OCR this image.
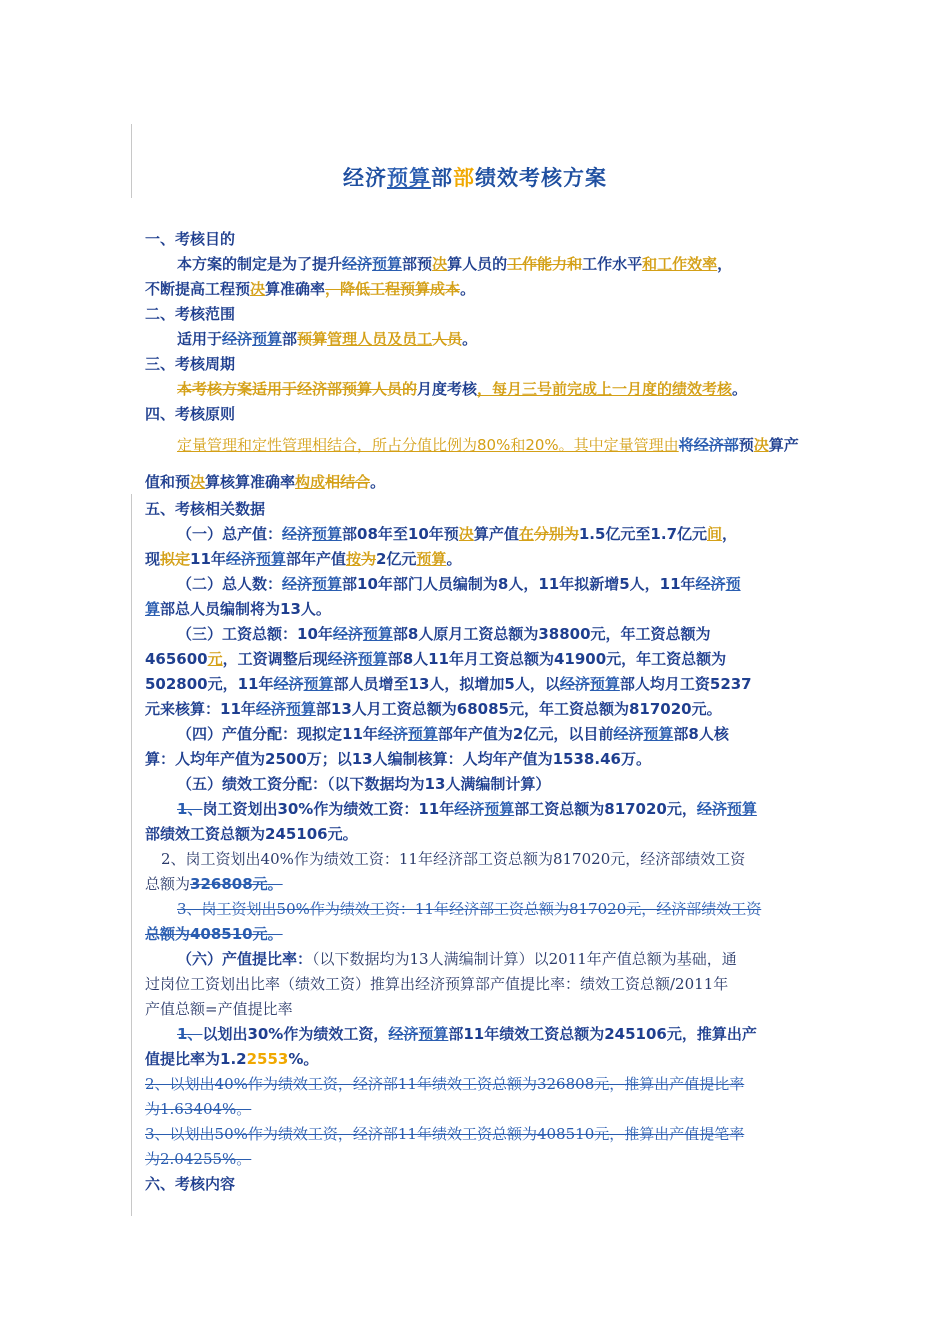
经济预算部部绩效考核方案

一、考核目的

本方案的制定是为了提升经济预算部预决算人员的工作能力和工作水平和工作效率，

不断提高工程预决算准确率，降低工程预算成本。

二、考核范围

适用于经济预算部预算管理人员及员工人员。

三、考核周期

本考核方案适用于经济部预算人员的月度考核，每月三号前完成上一月度的绩效考核。

四、考核原则

定量管理和定性管理相结合，所占分值比例为80%和20%。其中定量管理由将经济部预决算产值和预决算核算准确率构成相结合。

五、考核相关数据

（一）总产值：经济预算部08年至10年预决算产值在分别为1.5亿元至1.7亿元间，
现拟定11年经济预算部年产值按为2亿元预算。

（二）总人数：经济预算部10年部门人员编制为8人，11年拟新增5人，11年经济预
算部总人员编制将为13人。

（三）工资总额：10年经济预算部8人原月工资总额为38800元，年工资总额为
465600元，工资调整后现经济预算部8人11年月工资总额为41900元，年工资总额为
502800元，11年经济预算部人员增至13人，拟增加5人，以经济预算部人均月工资5237
元来核算：11年经济预算部13人月工资总额为68085元，年工资总额为817020元。

（四）产值分配：现拟定11年经济预算部年产值为2亿元，以目前经济预算部8人核
算：人均年产值为2500万；以13人编制核算：人均年产值为1538.46万。

（五）绩效工资分配：（以下数据均为13人满编制计算）

1、岗工资划出30%作为绩效工资：11年经济预算部工资总额为817020元，经济预算
部绩效工资总额为245106元。

2、岗工资划出40%作为绩效工资：11年经济部工资总额为817020元，经济部绩效工资
总额为326808元。

3、岗工资划出50%作为绩效工资：11年经济部工资总额为817020元，经济部绩效工资
总额为408510元。

（六）产值提比率：（以下数据均为13人满编制计算）以2011年产值总额为基础，通
过岗位工资划出比率（绩效工资）推算出经济预算部产值提比率：绩效工资总额/2011年
产值总额=产值提比率

1、以划出30%作为绩效工资，经济预算部11年绩效工资总额为245106元，推算出产
值提比率为1.22553%。

2、以划出40%作为绩效工资，经济部11年绩效工资总额为326808元，推算出产值提比率
为1.63404%。
3、以划出50%作为绩效工资，经济部11年绩效工资总额为408510元，推算出产值提笔率
为2.04255%。

六、考核内容
